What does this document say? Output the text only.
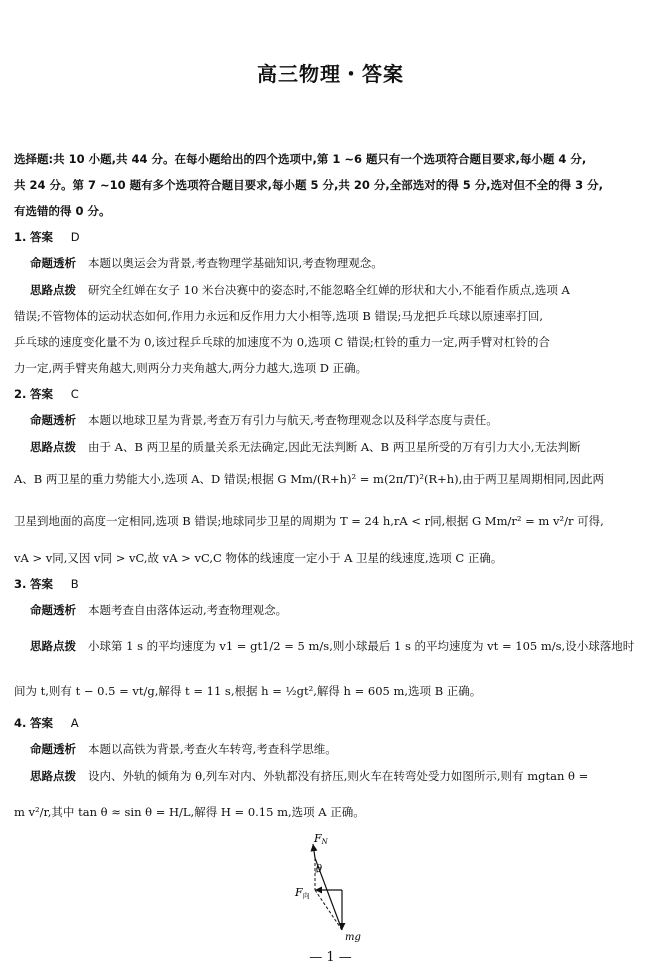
高三物理・答案
选择题:共 10 小题,共 44 分。在每小题给出的四个选项中,第 1 ~6 题只有一个选项符合题目要求,每小题 4 分,
共 24 分。第 7 ~10 题有多个选项符合题目要求,每小题 5 分,共 20 分,全部选对的得 5 分,选对但不全的得 3 分,
有选错的得 0 分。
1. 答案 D
命题透析 本题以奥运会为背景,考查物理学基础知识,考查物理观念。
思路点拨 研究全红婵在女子 10 米台决赛中的姿态时,不能忽略全红婵的形状和大小,不能看作质点,选项 A
错误;不管物体的运动状态如何,作用力永远和反作用力大小相等,选项 B 错误;马龙把乒乓球以原速率打回,
乒乓球的速度变化量不为 0,该过程乒乓球的加速度不为 0,选项 C 错误;杠铃的重力一定,两手臂对杠铃的合
力一定,两手臂夹角越大,则两分力夹角越大,两分力越大,选项 D 正确。
2. 答案 C
命题透析 本题以地球卫星为背景,考查万有引力与航天,考查物理观念以及科学态度与责任。
思路点拨 由于 A、B 两卫星的质量关系无法确定,因此无法判断 A、B 两卫星所受的万有引力大小,无法判断
A、B 两卫星的重力势能大小,选项 A、D 错误;根据 G Mm/(R+h)² = m(2π/T)²(R+h),由于两卫星周期相同,因此两
卫星到地面的高度一定相同,选项 B 错误;地球同步卫星的周期为 T = 24 h,rA < r同,根据 G Mm/r² = m v²/r 可得,
vA > v同,又因 v同 > vC,故 vA > vC,C 物体的线速度一定小于 A 卫星的线速度,选项 C 正确。
3. 答案 B
命题透析 本题考查自由落体运动,考查物理观念。
思路点拨 小球第 1 s 的平均速度为 v1 = gt1/2 = 5 m/s,则小球最后 1 s 的平均速度为 vt = 105 m/s,设小球落地时
间为 t,则有 t − 0.5 = vt/g,解得 t = 11 s,根据 h = ½gt²,解得 h = 605 m,选项 B 正确。
4. 答案 A
命题透析 本题以高铁为背景,考查火车转弯,考查科学思维。
思路点拨 设内、外轨的倾角为 θ,列车对内、外轨都没有挤压,则火车在转弯处受力如图所示,则有 mgtan θ =
m v²/r,其中 tan θ ≈ sin θ = H/L,解得 H = 0.15 m,选项 A 正确。
FN
θ
F向
mg
— 1 —
